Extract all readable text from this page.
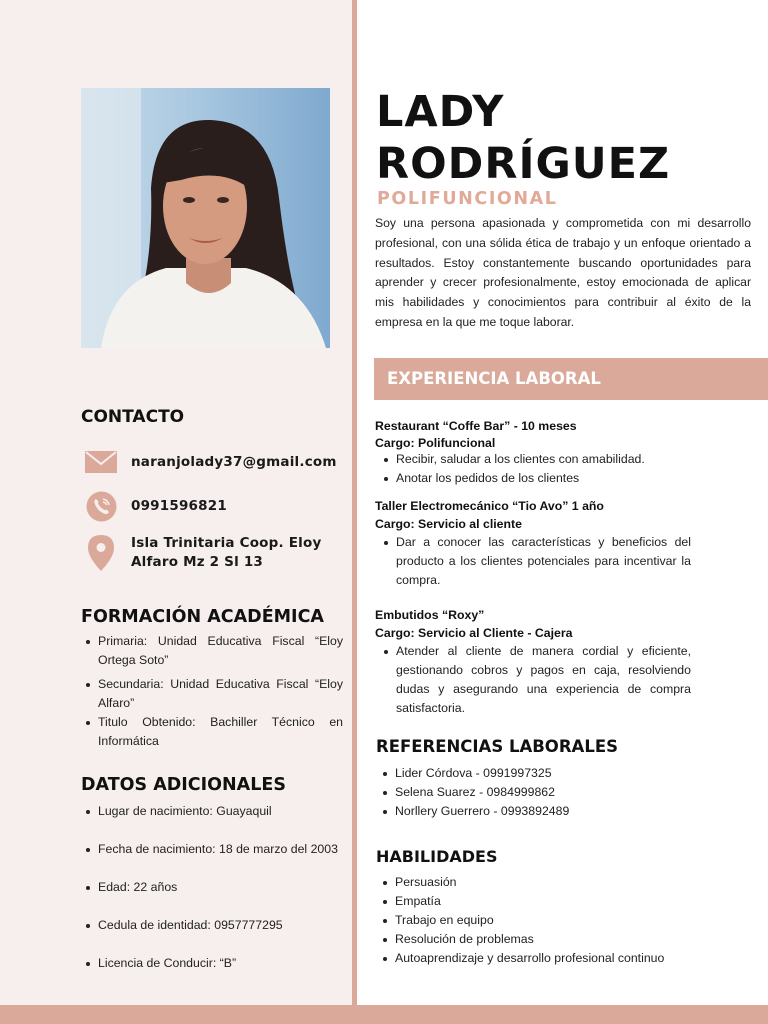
CONTACTO
naranjolady37@gmail.com
0991596821
Isla Trinitaria Coop. Eloy
Alfaro Mz 2 Sl 13
FORMACIÓN ACADÉMICA
Primaria: Unidad Educativa Fiscal “Eloy Ortega Soto”
Secundaria: Unidad Educativa Fiscal “Eloy Alfaro”
Titulo Obtenido: Bachiller Técnico en Informática
DATOS ADICIONALES
Lugar de nacimiento: Guayaquil
Fecha de nacimiento: 18 de marzo del 2003
Edad: 22 años
Cedula de identidad: 0957777295
Licencia de Conducir: “B”
LADY
RODRÍGUEZ
POLIFUNCIONAL
Soy una persona apasionada y comprometida con mi desarrollo profesional, con una sólida ética de trabajo y un enfoque orientado a resultados. Estoy constantemente buscando oportunidades para aprender y crecer profesionalmente, estoy emocionada de aplicar mis habilidades y conocimientos para contribuir al éxito de la empresa en la que me toque laborar.
EXPERIENCIA LABORAL
Restaurant “Coffe Bar” - 10 meses
Cargo: Polifuncional
Recibir, saludar a los clientes con amabilidad.
Anotar los pedidos de los clientes
Taller Electromecánico “Tio Avo” 1 año
Cargo: Servicio al cliente
Dar a conocer las características y beneficios del producto a los clientes potenciales para incentivar la compra.
Embutidos “Roxy”
Cargo: Servicio al Cliente - Cajera
Atender al cliente de manera cordial y eficiente, gestionando cobros y pagos en caja, resolviendo dudas y asegurando una experiencia de compra satisfactoria.
REFERENCIAS LABORALES
Lider Córdova - 0991997325
Selena Suarez - 0984999862
Norllery Guerrero - 0993892489
HABILIDADES
Persuasión
Empatía
Trabajo en equipo
Resolución de problemas
Autoaprendizaje y desarrollo profesional continuo
